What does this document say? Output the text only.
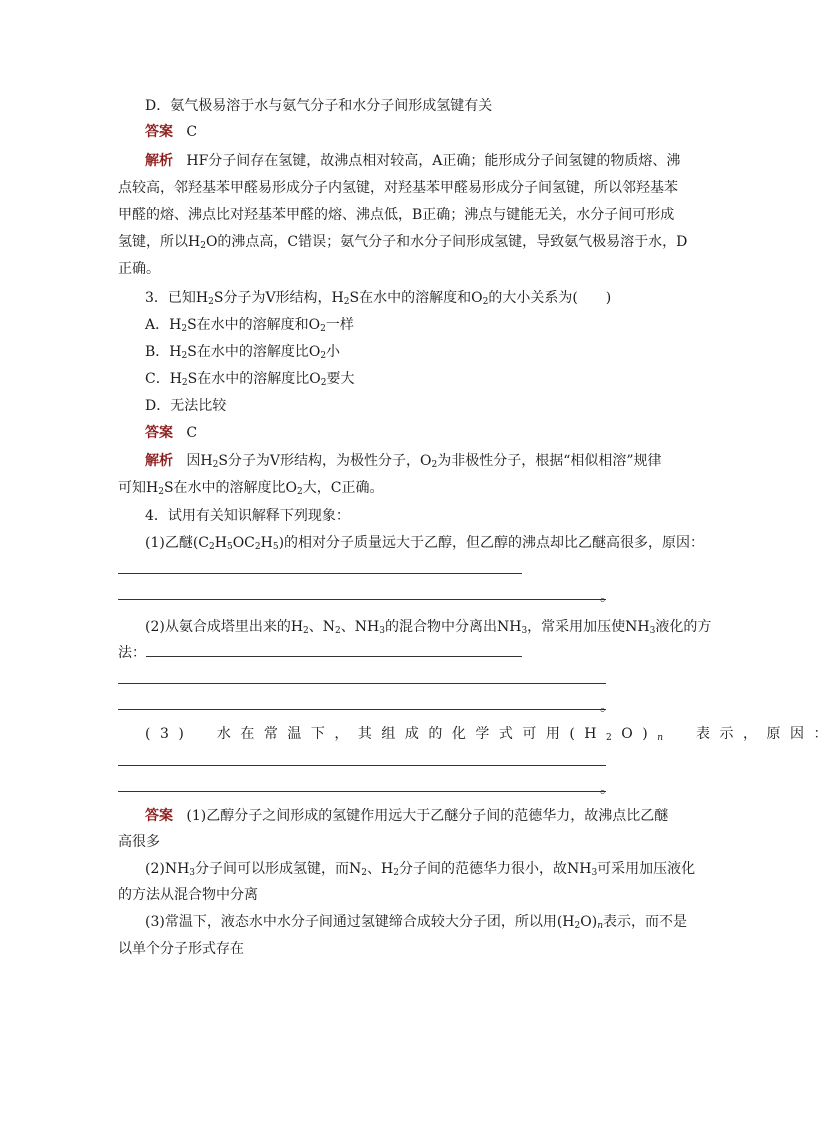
D．氨气极易溶于水与氨气分子和水分子间形成氢键有关
答案 C
解析 HF分子间存在氢键，故沸点相对较高，A正确；能形成分子间氢键的物质熔、沸
点较高，邻羟基苯甲醛易形成分子内氢键，对羟基苯甲醛易形成分子间氢键，所以邻羟基苯
甲醛的熔、沸点比对羟基苯甲醛的熔、沸点低，B正确；沸点与键能无关，水分子间可形成
氢键，所以$H_2O$的沸点高，C错误；氨气分子和水分子间形成氢键，导致氨气极易溶于水，D
正确。
3．已知$H_2S$分子为V形结构，$H_2S$在水中的溶解度和$O_2$的大小关系为(　　)
A．$H_2S$在水中的溶解度和$O_2$一样
B．$H_2S$在水中的溶解度比$O_2$小
C．$H_2S$在水中的溶解度比$O_2$要大
D．无法比较
答案 C
解析 因$H_2S$分子为V形结构，为极性分子，$O_2$为非极性分子，根据“相似相溶”规律
可知$H_2S$在水中的溶解度比$O_2$大，C正确。
4．试用有关知识解释下列现象：
(1)乙醚$(C_2H_5OC_2H_5)$的相对分子质量远大于乙醇，但乙醇的沸点却比乙醚高很多，原因：
。
(2)从氨合成塔里出来的$H_2$、$N_2$、$NH_3$的混合物中分离出$NH_3$，常采用加压使$NH_3$液化的方
法：
。
(3)　水在常温下，其组成的化学式可用$(H_2O)_n$　表示，原因：
。
答案 (1)乙醇分子之间形成的氢键作用远大于乙醚分子间的范德华力，故沸点比乙醚
高很多
$(2)NH_3$分子间可以形成氢键，而$N_2$、$H_2$分子间的范德华力很小，故$NH_3$可采用加压液化
的方法从混合物中分离
(3)常温下，液态水中水分子间通过氢键缔合成较大分子团，所以用$(H_2O)_n$表示，而不是
以单个分子形式存在
